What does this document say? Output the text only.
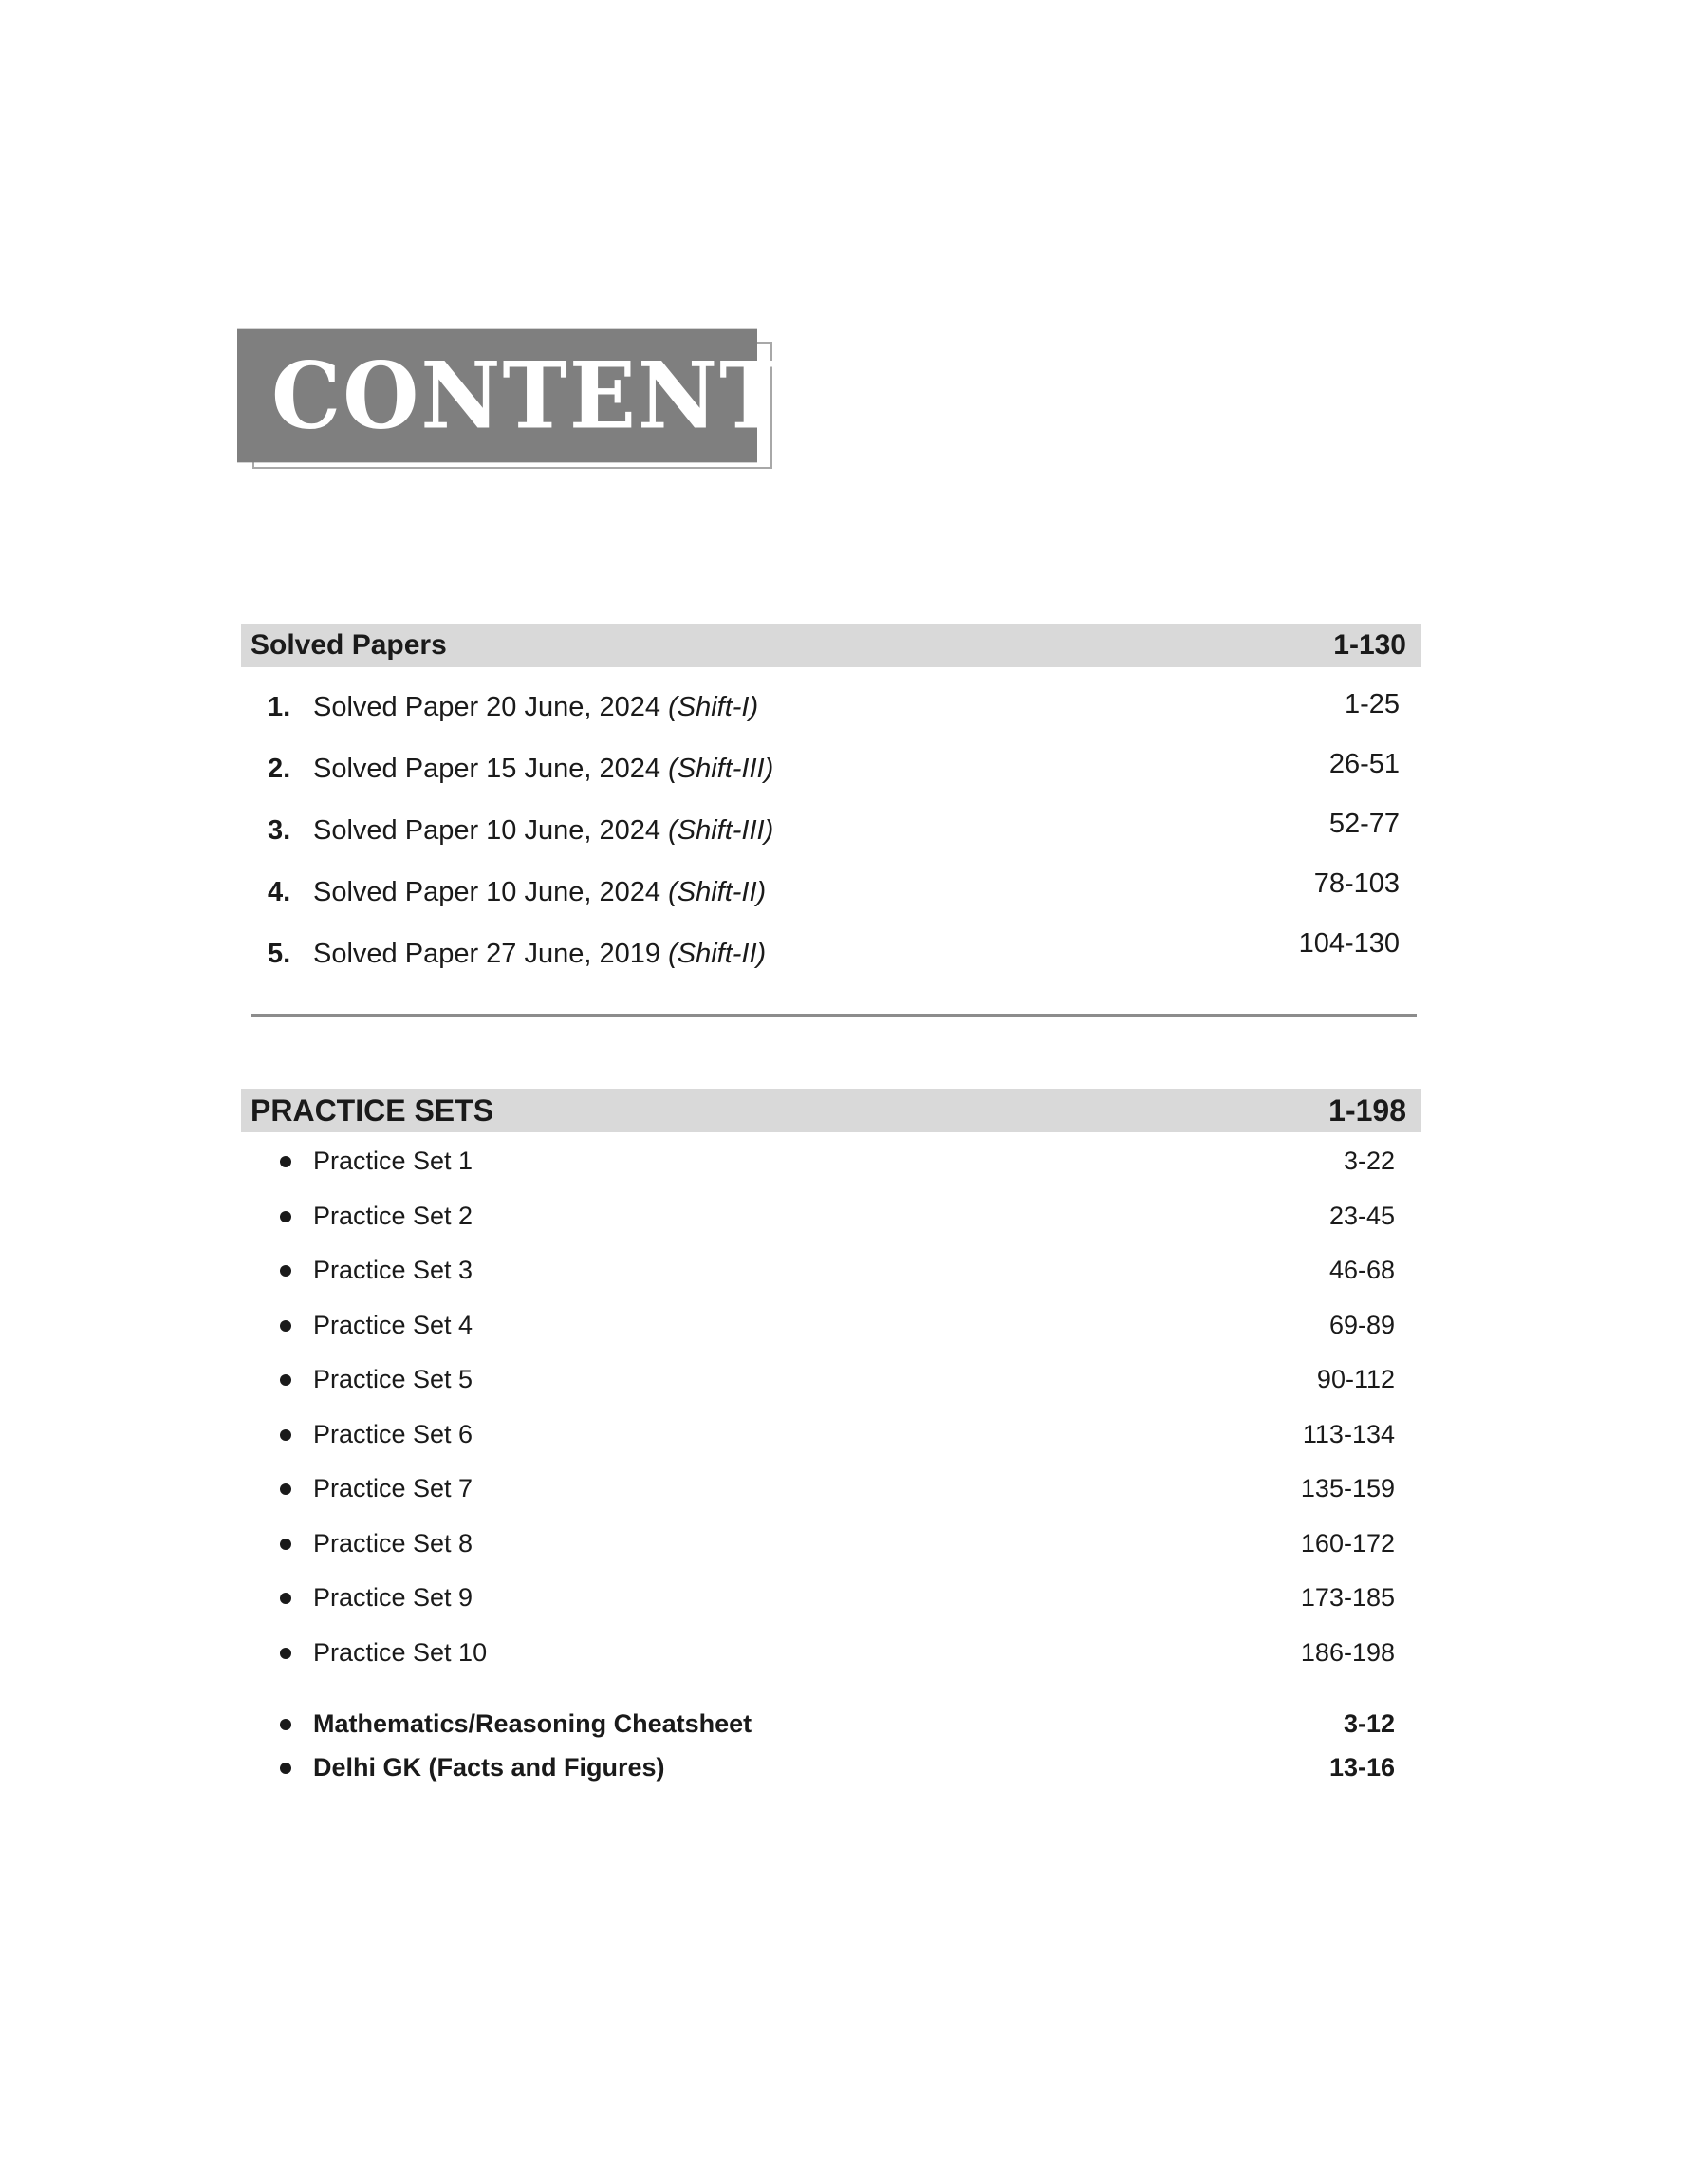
CONTENTS
Solved Papers	1-130
1. Solved Paper 20 June, 2024 (Shift-I)	1-25
2. Solved Paper 15 June, 2024 (Shift-III)	26-51
3. Solved Paper 10 June, 2024 (Shift-III)	52-77
4. Solved Paper 10 June, 2024 (Shift-II)	78-103
5. Solved Paper 27 June, 2019 (Shift-II)	104-130
PRACTICE SETS	1-198
Practice Set 1	3-22
Practice Set 2	23-45
Practice Set 3	46-68
Practice Set 4	69-89
Practice Set 5	90-112
Practice Set 6	113-134
Practice Set 7	135-159
Practice Set 8	160-172
Practice Set 9	173-185
Practice Set 10	186-198
Mathematics/Reasoning Cheatsheet	3-12
Delhi GK (Facts and Figures)	13-16
